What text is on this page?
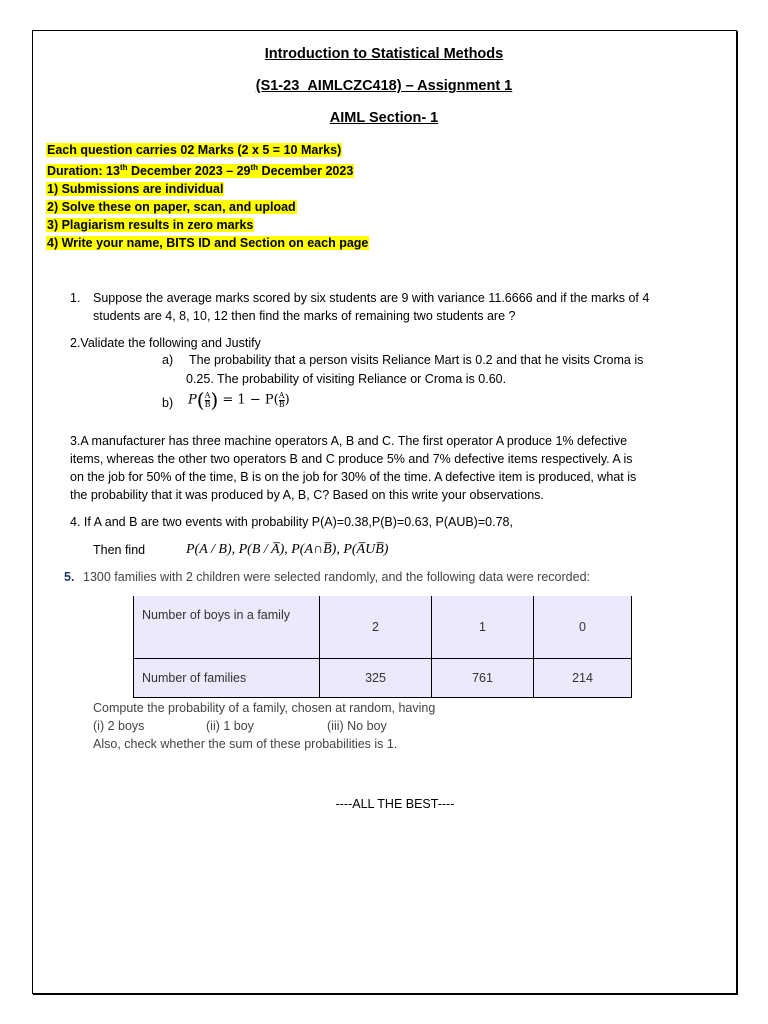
Introduction to Statistical Methods
(S1-23_AIMLCZC418) – Assignment 1
AIML Section- 1
Each question carries 02 Marks (2 x 5 = 10 Marks)
Duration: 13th December 2023 – 29th December 2023
1) Submissions are individual
2) Solve these on paper, scan, and upload
3) Plagiarism results in zero marks
4) Write your name, BITS ID and Section on each page
1. Suppose the average marks scored by six students are 9 with variance 11.6666 and if the marks of 4
students are 4, 8, 10, 12 then find the marks of remaining two students are ?
2.Validate the following and Justify
a) The probability that a person visits Reliance Mart is 0.2 and that he visits Croma is
0.25. The probability of visiting Reliance or Croma is 0.60.
b) $P( \frac{A}{B}$ ) = $1 - P( \frac{A}{B}$ )
3.A manufacturer has three machine operators A, B and C. The first operator A produce 1% defective
items, whereas the other two operators B and C produce 5% and 7% defective items respectively. A is
on the job for 50% of the time, B is on the job for 30% of the time. A defective item is produced, what is
the probability that it was produced by A, B, C? Based on this write your observations.
4. If A and B are two events with probability P(A)=0.38,P(B)=0.63, P(AUB)=0.78,
Then find	P(A / B), P(B / A̅), P(A∩B̅), P(A̅UB̅)
5. 1300 families with 2 children were selected randomly, and the following data were recorded:
Number of boys in a family	2	1	0
Number of families	325	761	214
Compute the probability of a family, chosen at random, having
(i) 2 boys	(ii) 1 boy	(iii) No boy
Also, check whether the sum of these probabilities is 1.
----ALL THE BEST----
